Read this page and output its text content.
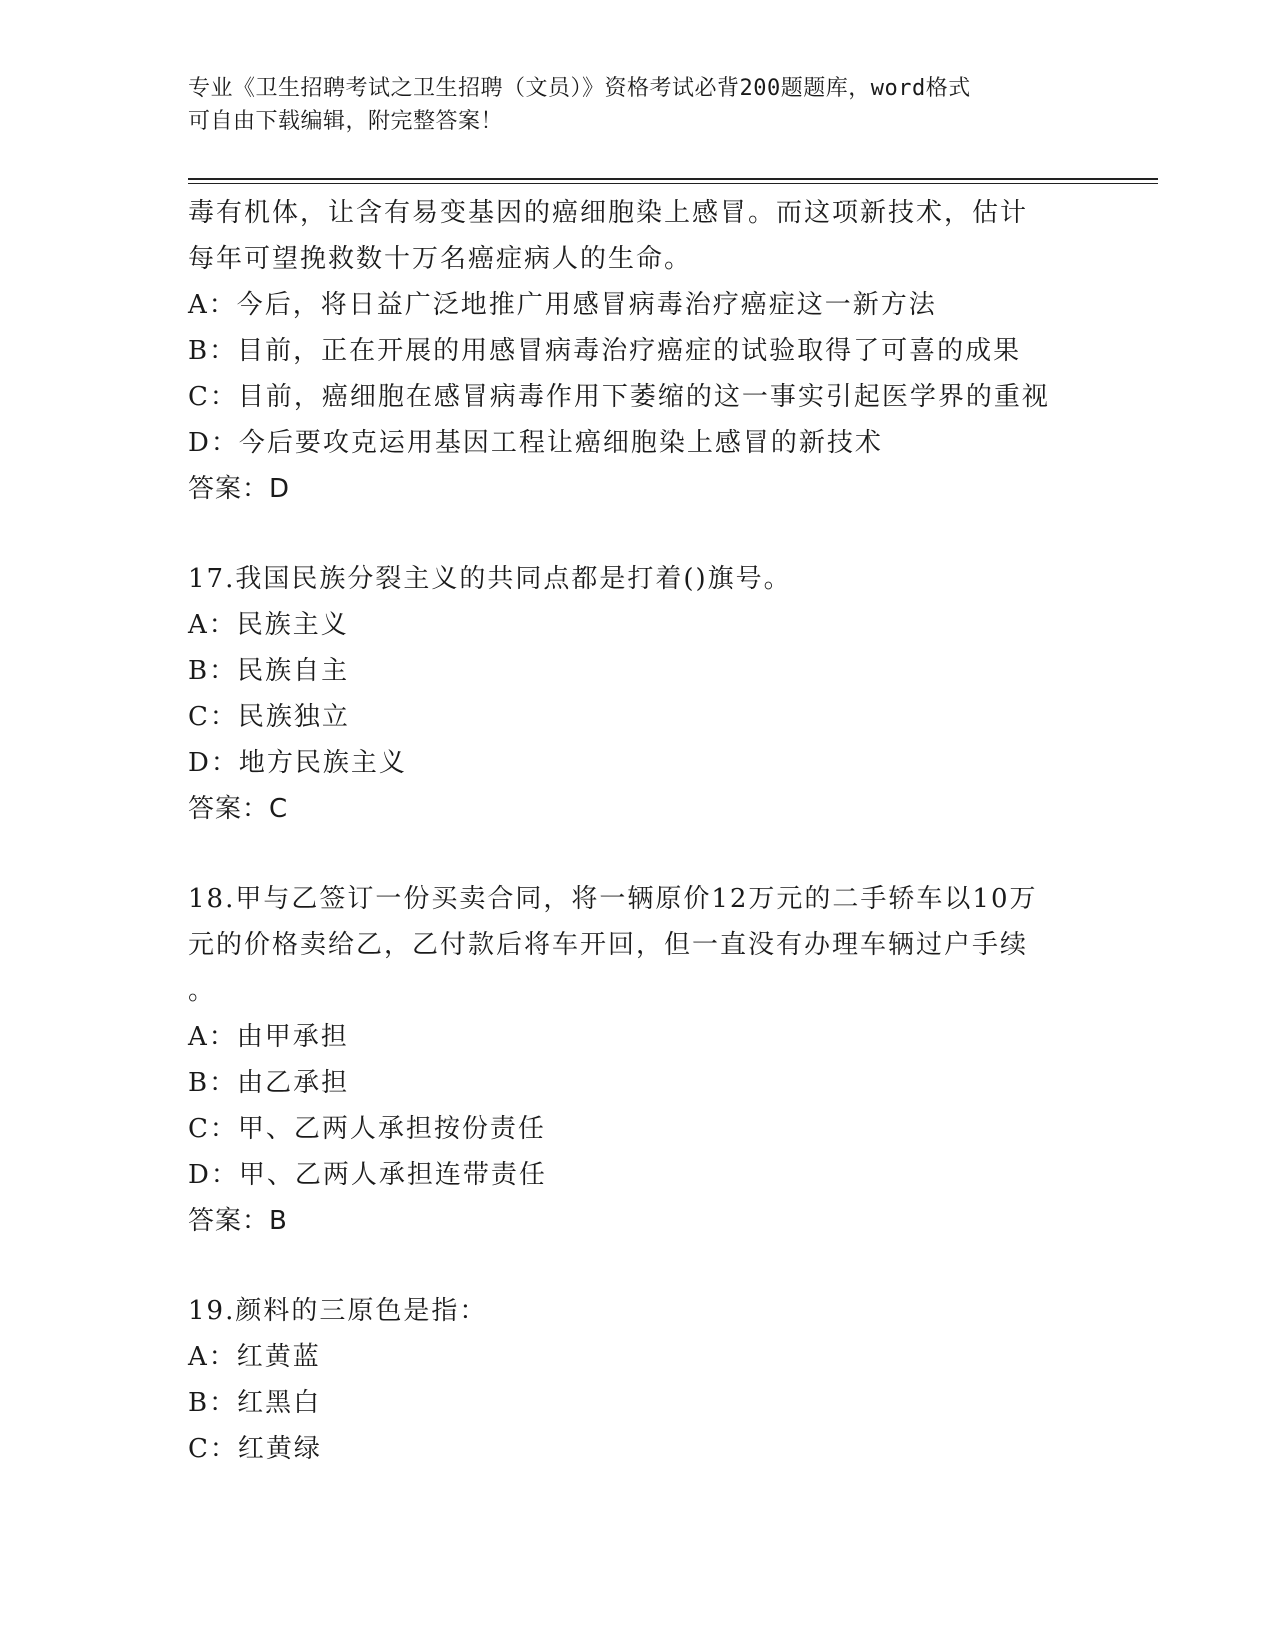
专业《卫生招聘考试之卫生招聘（文员）》资格考试必背200题题库，word格式
可自由下载编辑，附完整答案！
毒有机体，让含有易变基因的癌细胞染上感冒。而这项新技术，估计
每年可望挽救数十万名癌症病人的生命。
A：今后，将日益广泛地推广用感冒病毒治疗癌症这一新方法
B：目前，正在开展的用感冒病毒治疗癌症的试验取得了可喜的成果
C：目前，癌细胞在感冒病毒作用下萎缩的这一事实引起医学界的重视
D：今后要攻克运用基因工程让癌细胞染上感冒的新技术
答案：D
17.我国民族分裂主义的共同点都是打着()旗号。
A：民族主义
B：民族自主
C：民族独立
D：地方民族主义
答案：C
18.甲与乙签订一份买卖合同，将一辆原价12万元的二手轿车以10万
元的价格卖给乙，乙付款后将车开回，但一直没有办理车辆过户手续
。
A：由甲承担
B：由乙承担
C：甲、乙两人承担按份责任
D：甲、乙两人承担连带责任
答案：B
19.颜料的三原色是指：
A：红黄蓝
B：红黑白
C：红黄绿
